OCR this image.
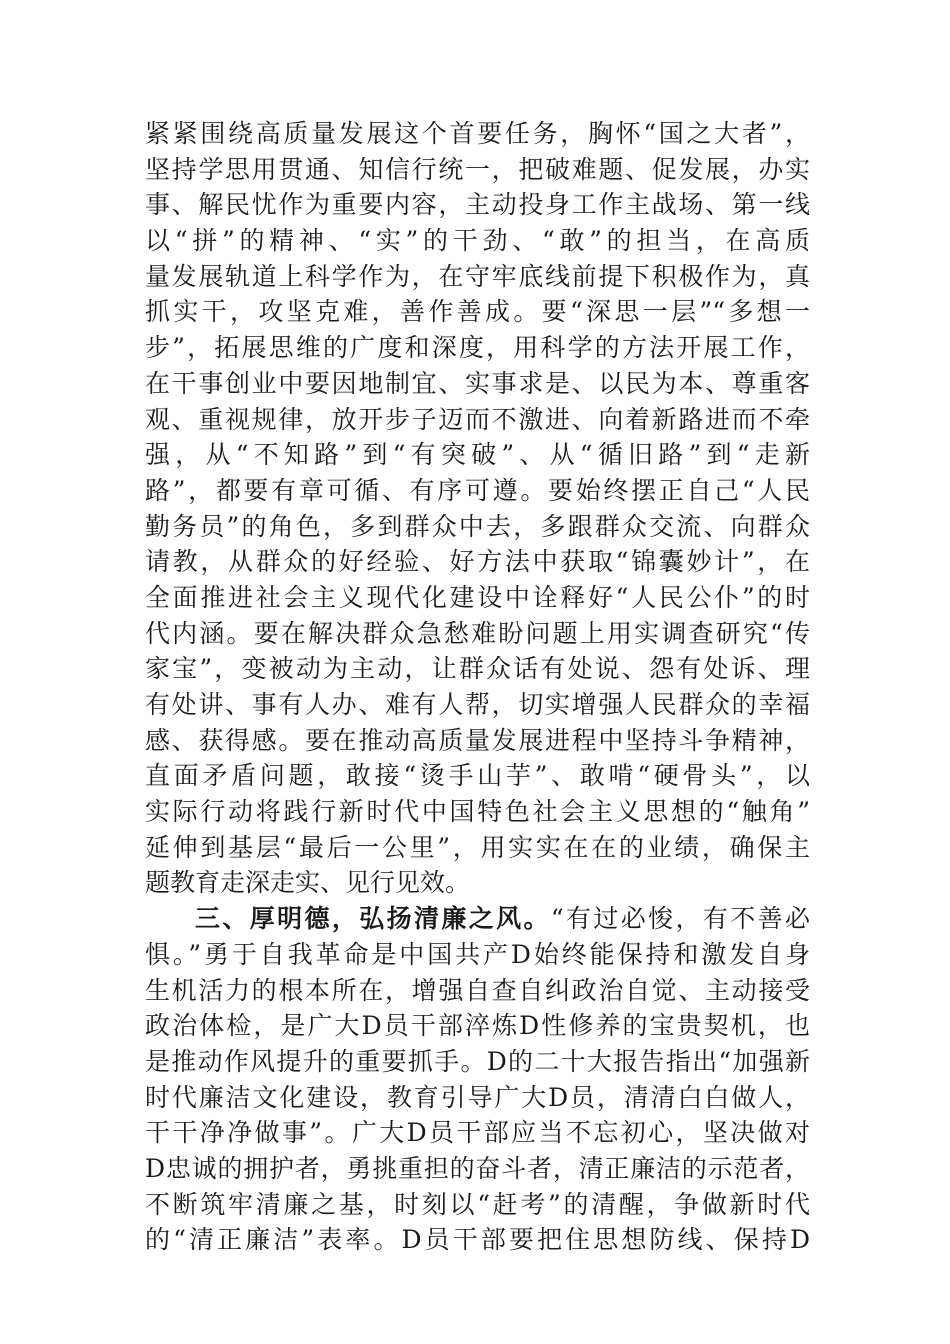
紧紧围绕高质量发展这个首要任务，胸怀“国之大者”，
坚持学思用贯通、知信行统一，把破难题、促发展，办实
事、解民忧作为重要内容，主动投身工作主战场、第一线
以“拼”的精神、“实”的干劲、“敢”的担当，在高质
量发展轨道上科学作为，在守牢底线前提下积极作为，真
抓实干，攻坚克难，善作善成。要“深思一层”“多想一
步”，拓展思维的广度和深度，用科学的方法开展工作，
在干事创业中要因地制宜、实事求是、以民为本、尊重客
观、重视规律，放开步子迈而不激进、向着新路进而不牵
强，从“不知路”到“有突破”、从“循旧路”到“走新
路”，都要有章可循、有序可遵。要始终摆正自己“人民
勤务员”的角色，多到群众中去，多跟群众交流、向群众
请教，从群众的好经验、好方法中获取“锦囊妙计”，在
全面推进社会主义现代化建设中诠释好“人民公仆”的时
代内涵。要在解决群众急愁难盼问题上用实调查研究“传
家宝”，变被动为主动，让群众话有处说、怨有处诉、理
有处讲、事有人办、难有人帮，切实增强人民群众的幸福
感、获得感。要在推动高质量发展进程中坚持斗争精神，
直面矛盾问题，敢接“烫手山芋”、敢啃“硬骨头”，以
实际行动将践行新时代中国特色社会主义思想的“触角”
延伸到基层“最后一公里”，用实实在在的业绩，确保主
题教育走深走实、见行见效。
三、厚明德，弘扬清廉之风。“有过必悛，有不善必
惧。”勇于自我革命是中国共产D始终能保持和激发自身
生机活力的根本所在，增强自查自纠政治自觉、主动接受
政治体检，是广大D员干部淬炼D性修养的宝贵契机，也
是推动作风提升的重要抓手。D的二十大报告指出“加强新
时代廉洁文化建设，教育引导广大D员，清清白白做人，
干干净净做事”。广大D员干部应当不忘初心，坚决做对
D忠诚的拥护者，勇挑重担的奋斗者，清正廉洁的示范者，
不断筑牢清廉之基，时刻以“赶考”的清醒，争做新时代
的“清正廉洁”表率。D员干部要把住思想防线、保持D
